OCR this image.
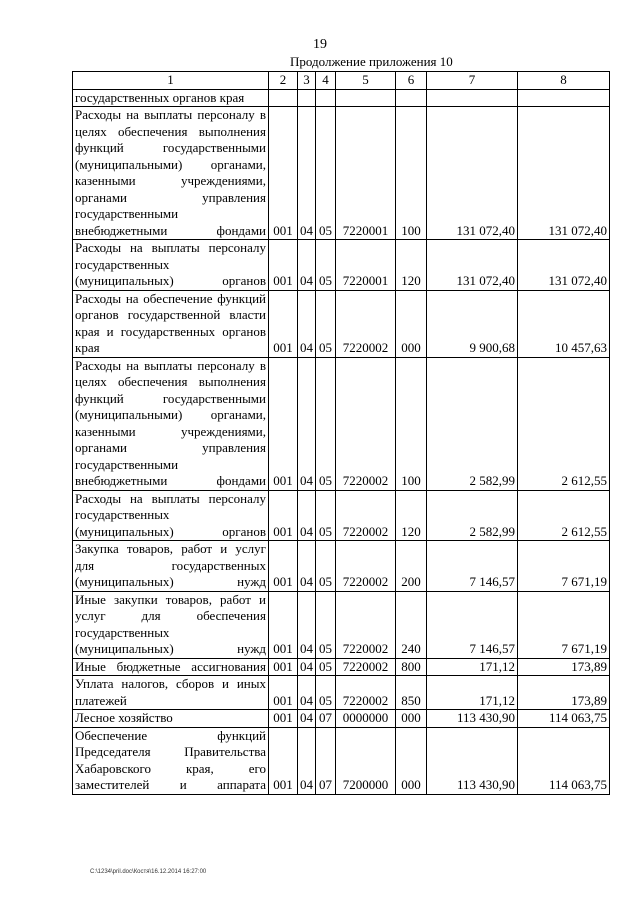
19
Продолжение приложения 10
1	2	3	4	5	6	7	8
государственных органов края							
Расходы на выплаты персоналу в целях обеспечения выполнения функций государственными (муниципальными) органами, казенными учреждениями, органами управления государственными внебюджетными фондами	001	04	05	7220001	100	131 072,40	131 072,40
Расходы на выплаты персоналу государственных (муниципальных) органов	001	04	05	7220001	120	131 072,40	131 072,40
Расходы на обеспечение функций органов государственной власти края и государственных органов края	001	04	05	7220002	000	9 900,68	10 457,63
Расходы на выплаты персоналу в целях обеспечения выполнения функций государственными (муниципальными) органами, казенными учреждениями, органами управления государственными внебюджетными фондами	001	04	05	7220002	100	2 582,99	2 612,55
Расходы на выплаты персоналу государственных (муниципальных) органов	001	04	05	7220002	120	2 582,99	2 612,55
Закупка товаров, работ и услуг для государственных (муниципальных) нужд	001	04	05	7220002	200	7 146,57	7 671,19
Иные закупки товаров, работ и услуг для обеспечения государственных (муниципальных) нужд	001	04	05	7220002	240	7 146,57	7 671,19
Иные бюджетные ассигнования	001	04	05	7220002	800	171,12	173,89
Уплата налогов, сборов и иных платежей	001	04	05	7220002	850	171,12	173,89
Лесное хозяйство	001	04	07	0000000	000	113 430,90	114 063,75
Обеспечение функций Председателя Правительства Хабаровского края, его заместителей и аппарата	001	04	07	7200000	000	113 430,90	114 063,75
C:\1234\pril.doc\Костя\16.12.2014 16:27:00
